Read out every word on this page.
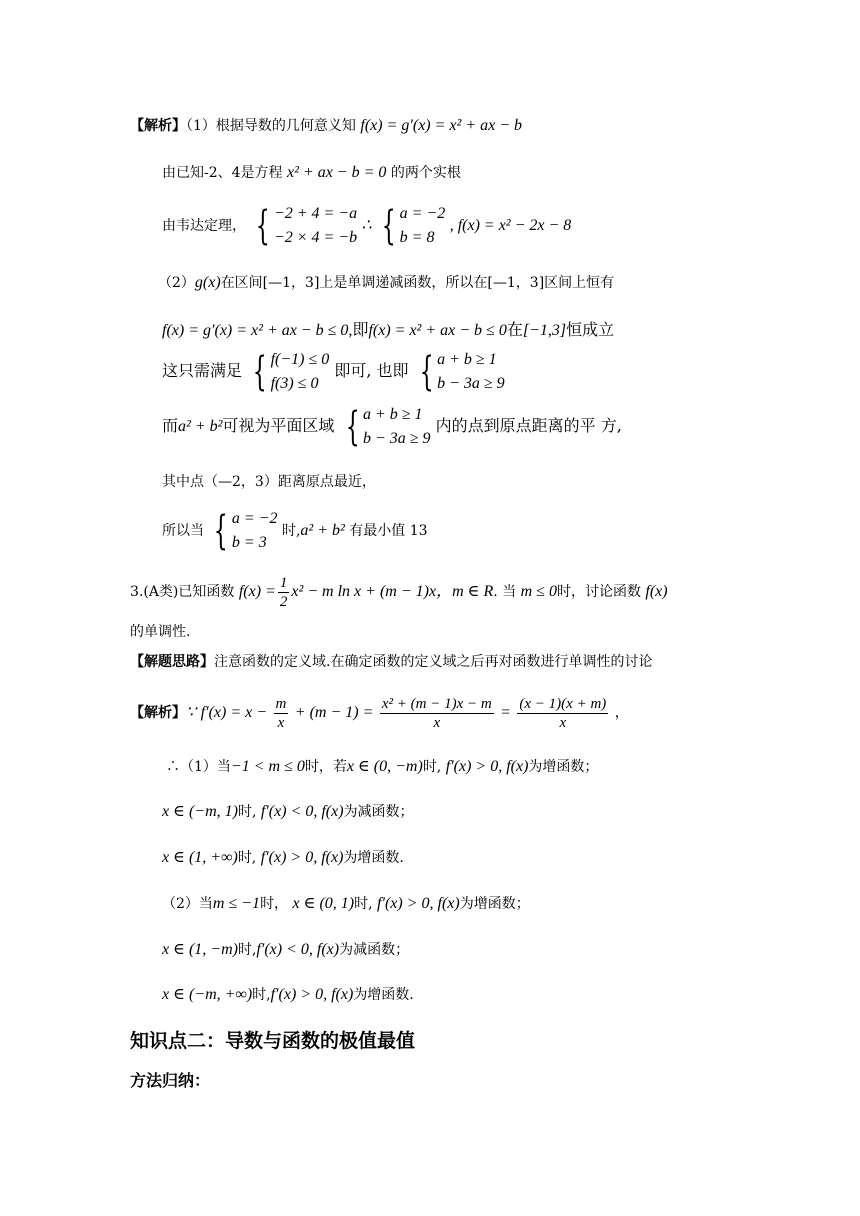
【解析】（1）根据导数的几何意义知 f(x) = g′(x) = x² + ax − b
由已知-2、4是方程 x² + ax − b = 0 的两个实根
由韦达定理， { −2 + 4 = −a
−2 × 4 = −b
∴ { a = −2
b = 8
, f(x) = x² − 2x − 8
（2）g(x)在区间[—1，3]上是单调递减函数，所以在[—1，3]区间上恒有
f(x) = g′(x) = x² + ax − b ≤ 0,即f(x) = x² + ax − b ≤ 0在[−1,3]恒成立
这只需满足 { f(−1) ≤ 0
f(3) ≤ 0
即可, 也即 { a + b ≥ 1
b − 3a ≥ 9
而a² + b²可视为平面区域 { a + b ≥ 1
b − 3a ≥ 9
内的点到原点距离的平 方,
其中点（—2，3）距离原点最近，
所以当 { a = −2
b = 3
时,a² + b² 有最小值 13
3.(A类)已知函数 $f(x) = \frac{1}{2} x^2 - m$ ln x + (m − 1)x，m ∈ R. 当 m ≤ 0时，讨论函数 f(x)
的单调性.
【解题思路】注意函数的定义域.在确定函数的定义域之后再对函数进行单调性的讨论
【解析】∵ $f'(x) = x - \frac{m}{x} + (m - 1) = \frac{\text{x² + (m − 1)x − m}}{x} = \frac{(x - 1)(x + m)}{x}$ ，
∴（1）当−1 < m ≤ 0时，若x ∈ (0, −m)时, f′(x) > 0, f(x)为增函数；
x ∈ (−m, 1)时, f′(x) < 0, f(x)为减函数；
x ∈ (1, +∞)时, f′(x) > 0, f(x)为增函数.
（2）当m ≤ −1时， x ∈ (0, 1)时, f′(x) > 0, f(x)为增函数；
x ∈ (1, −m)时,f′(x) < 0, f(x)为减函数；
x ∈ (−m, +∞)时,f′(x) > 0, f(x)为增函数.
知识点二：导数与函数的极值最值
方法归纳：
